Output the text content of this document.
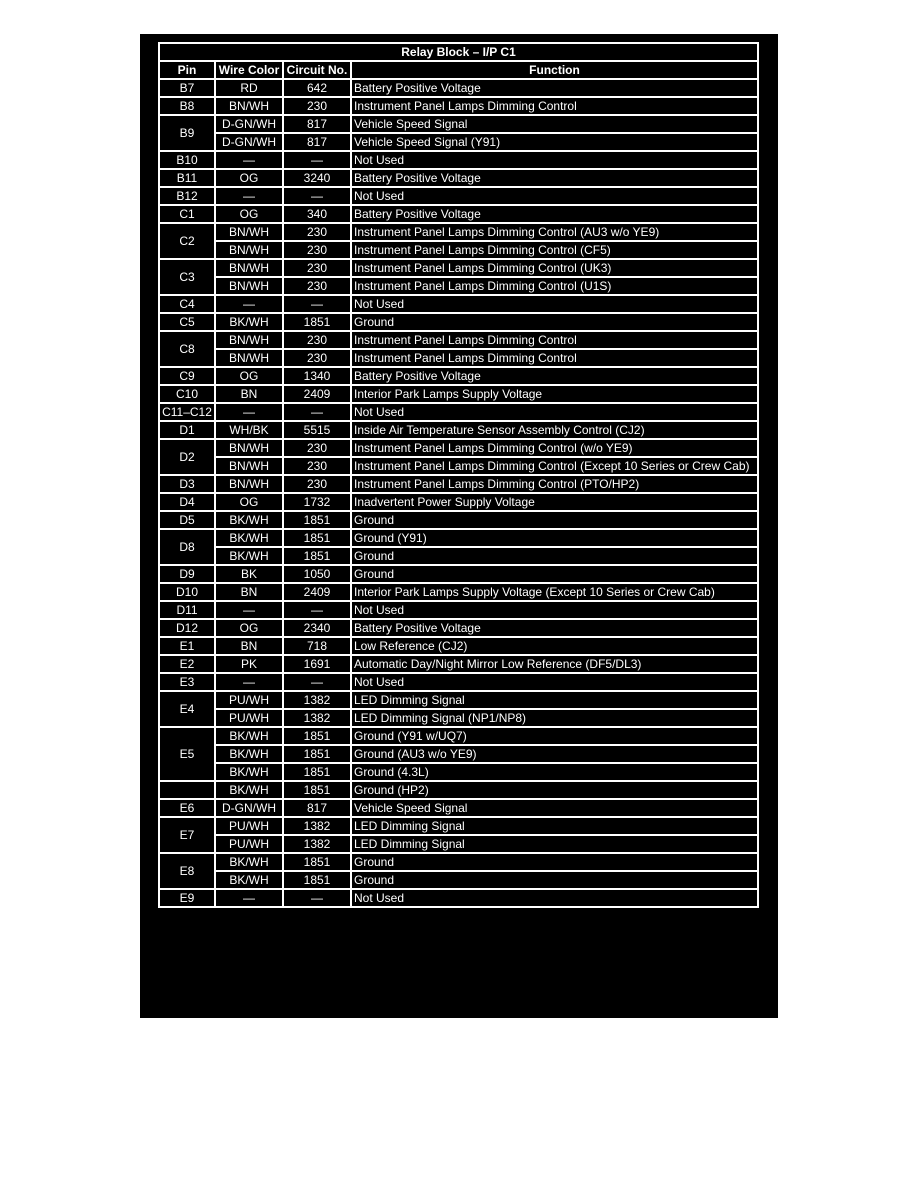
Relay Block – I/P C1			
Pin	Wire Color	Circuit No.	Function
B7	RD	642	Battery Positive Voltage
B8	BN/WH	230	Instrument Panel Lamps Dimming Control
B9	D-GN/WH	817	Vehicle Speed Signal
	D-GN/WH	817	Vehicle Speed Signal (Y91)
B10	—	—	Not Used
B11	OG	3240	Battery Positive Voltage
B12	—	—	Not Used
C1	OG	340	Battery Positive Voltage
C2	BN/WH	230	Instrument Panel Lamps Dimming Control (AU3 w/o YE9)
	BN/WH	230	Instrument Panel Lamps Dimming Control (CF5)
C3	BN/WH	230	Instrument Panel Lamps Dimming Control (UK3)
	BN/WH	230	Instrument Panel Lamps Dimming Control (U1S)
C4	—	—	Not Used
C5	BK/WH	1851	Ground
C8	BN/WH	230	Instrument Panel Lamps Dimming Control
	BN/WH	230	Instrument Panel Lamps Dimming Control
C9	OG	1340	Battery Positive Voltage
C10	BN	2409	Interior Park Lamps Supply Voltage
C11–C12	—	—	Not Used
D1	WH/BK	5515	Inside Air Temperature Sensor Assembly Control (CJ2)
D2	BN/WH	230	Instrument Panel Lamps Dimming Control (w/o YE9)
	BN/WH	230	Instrument Panel Lamps Dimming Control (Except 10 Series or Crew Cab)
D3	BN/WH	230	Instrument Panel Lamps Dimming Control (PTO/HP2)
D4	OG	1732	Inadvertent Power Supply Voltage
D5	BK/WH	1851	Ground
D8	BK/WH	1851	Ground (Y91)
	BK/WH	1851	Ground
D9	BK	1050	Ground
D10	BN	2409	Interior Park Lamps Supply Voltage (Except 10 Series or Crew Cab)
D11	—	—	Not Used
D12	OG	2340	Battery Positive Voltage
E1	BN	718	Low Reference (CJ2)
E2	PK	1691	Automatic Day/Night Mirror Low Reference (DF5/DL3)
E3	—	—	Not Used
E4	PU/WH	1382	LED Dimming Signal
	PU/WH	1382	LED Dimming Signal (NP1/NP8)
E5	BK/WH	1851	Ground (Y91 w/UQ7)
	BK/WH	1851	Ground (AU3 w/o YE9)
	BK/WH	1851	Ground (4.3L)
	BK/WH	1851	Ground (HP2)
E6	D-GN/WH	817	Vehicle Speed Signal
E7	PU/WH	1382	LED Dimming Signal
	PU/WH	1382	LED Dimming Signal
E8	BK/WH	1851	Ground
	BK/WH	1851	Ground
E9	—	—	Not Used
